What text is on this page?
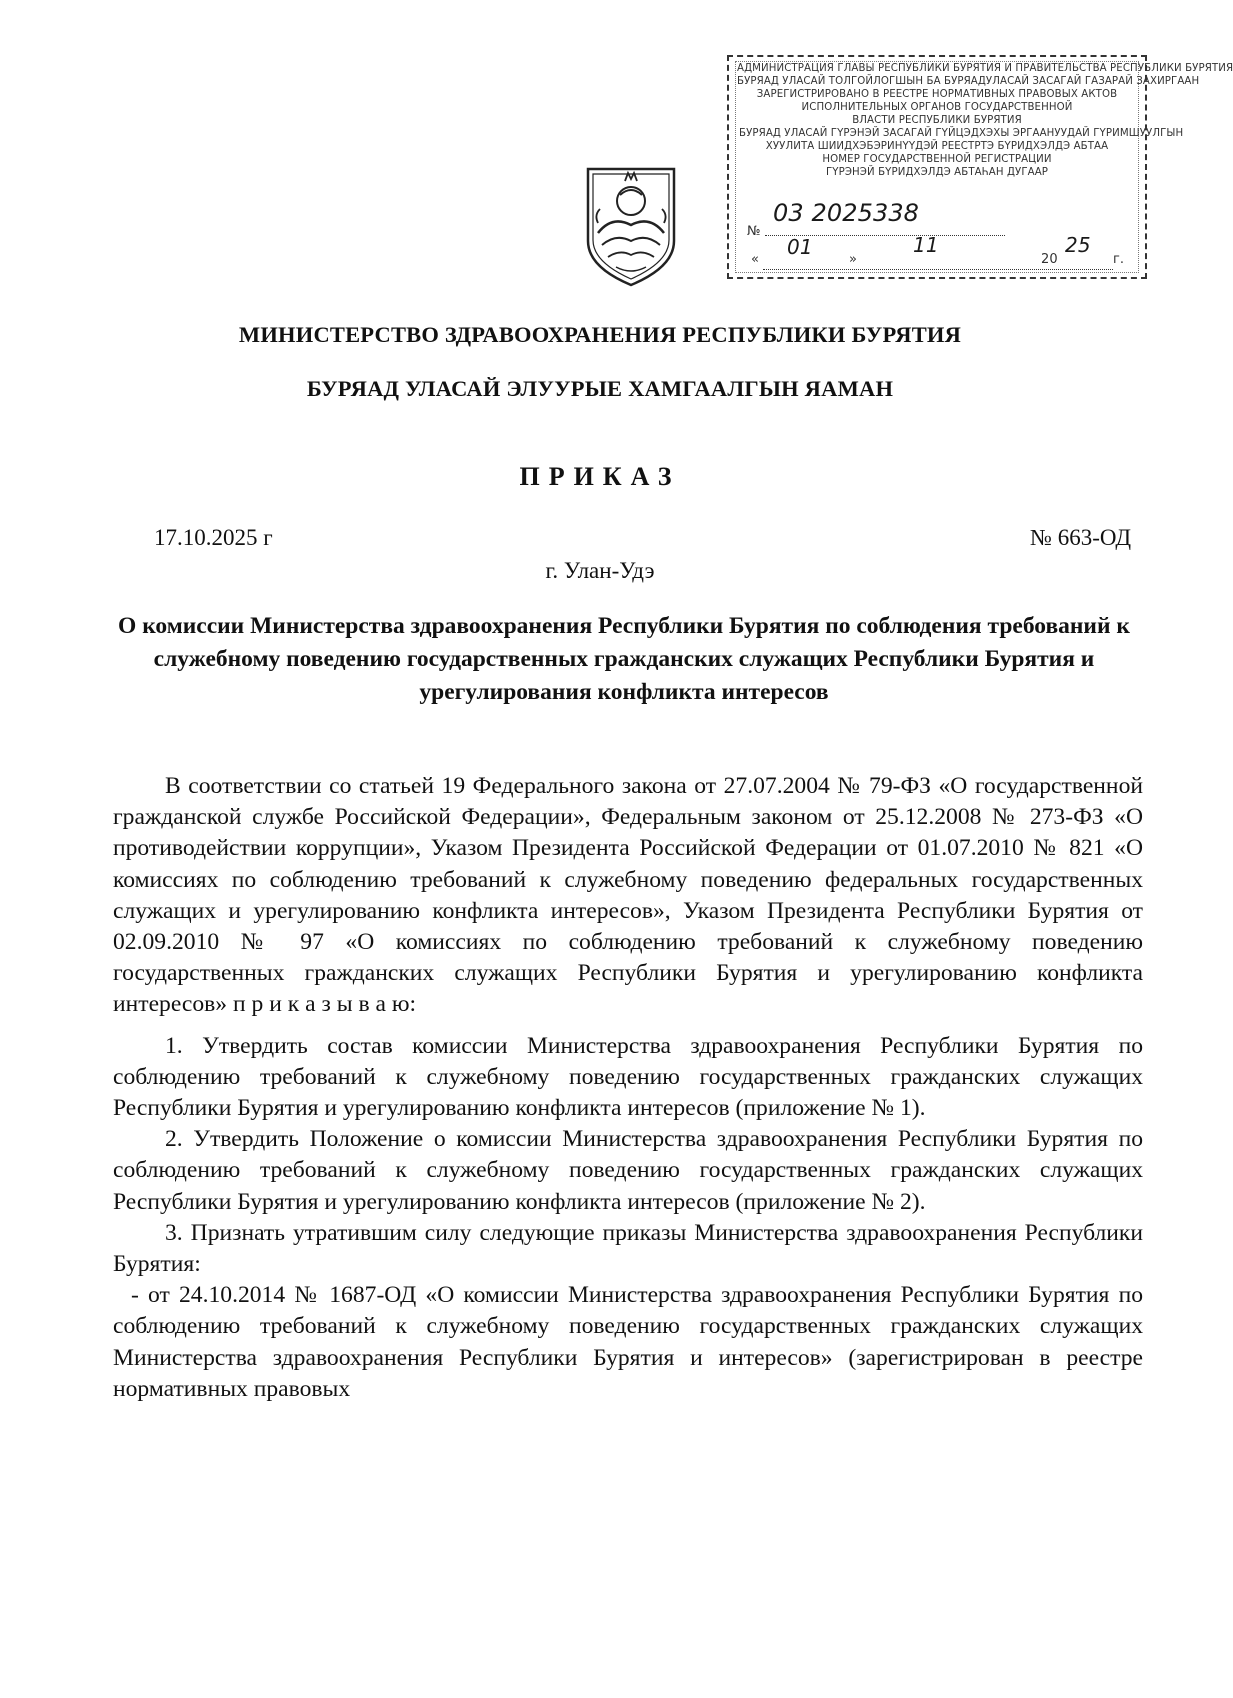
АДМИНИСТРАЦИЯ ГЛАВЫ РЕСПУБЛИКИ БУРЯТИЯ И ПРАВИТЕЛЬСТВА РЕСПУБЛИКИ БУРЯТИЯ
БУРЯАД УЛАСАЙ ТОЛГОЙЛОГШЫН БА БУРЯАДУЛАСАЙ ЗАСАГАЙ ГАЗАРАЙ ЗАХИРГААН
ЗАРЕГИСТРИРОВАНО В РЕЕСТРЕ НОРМАТИВНЫХ ПРАВОВЫХ АКТОВ
ИСПОЛНИТЕЛЬНЫХ ОРГАНОВ ГОСУДАРСТВЕННОЙ
ВЛАСТИ РЕСПУБЛИКИ БУРЯТИЯ
БУРЯАД УЛАСАЙ ГҮРЭНЭЙ ЗАСАГАЙ ГҮЙЦЭДХЭХЫ ЭРГААНУУДАЙ ГҮРИМШУУЛГЫН
ХУУЛИТА ШИИДХЭБЭРИНҮҮДЭЙ РЕЕСТРТЭ БҮРИДХЭЛДЭ АБТАА
НОМЕР ГОСУДАРСТВЕННОЙ РЕГИСТРАЦИИ
ГҮРЭНЭЙ БҮРИДХЭЛДЭ АБТАҺАН ДУГААР
№
03 2025338
«
01
»
11
20
25
г.
МИНИСТЕРСТВО ЗДРАВООХРАНЕНИЯ РЕСПУБЛИКИ БУРЯТИЯ
БУРЯАД УЛАСАЙ ЭЛУУРЫЕ ХАМГААЛГЫН ЯАМАН
ПРИКАЗ
17.10.2025 г	№ 663-ОД
г. Улан-Удэ
О комиссии Министерства здравоохранения Республики Бурятия по соблюдения требований к служебному поведению государственных гражданских служащих Республики Бурятия и урегулирования конфликта интересов

В соответствии со статьей 19 Федерального закона от 27.07.2004 № 79-ФЗ «О государственной гражданской службе Российской Федерации», Федеральным законом от 25.12.2008 № 273-ФЗ «О противодействии коррупции», Указом Президента Российской Федерации от 01.07.2010 № 821 «О комиссиях по соблюдению требований к служебному поведению федеральных государственных служащих и урегулированию конфликта интересов», Указом Президента Республики Бурятия от 02.09.2010 № 97 «О комиссиях по соблюдению требований к служебному поведению государственных гражданских служащих Республики Бурятия и урегулированию конфликта интересов» п р и к а з ы в а ю:

1. Утвердить состав комиссии Министерства здравоохранения Республики Бурятия по соблюдению требований к служебному поведению государственных гражданских служащих Республики Бурятия и урегулированию конфликта интересов (приложение № 1).

2. Утвердить Положение о комиссии Министерства здравоохранения Республики Бурятия по соблюдению требований к служебному поведению государственных гражданских служащих Республики Бурятия и урегулированию конфликта интересов (приложение № 2).

3. Признать утратившим силу следующие приказы Министерства здравоохранения Республики Бурятия:

- от 24.10.2014 № 1687-ОД «О комиссии Министерства здравоохранения Республики Бурятия по соблюдению требований к служебному поведению государственных гражданских служащих Министерства здравоохранения Республики Бурятия и интересов» (зарегистрирован в реестре нормативных правовых
